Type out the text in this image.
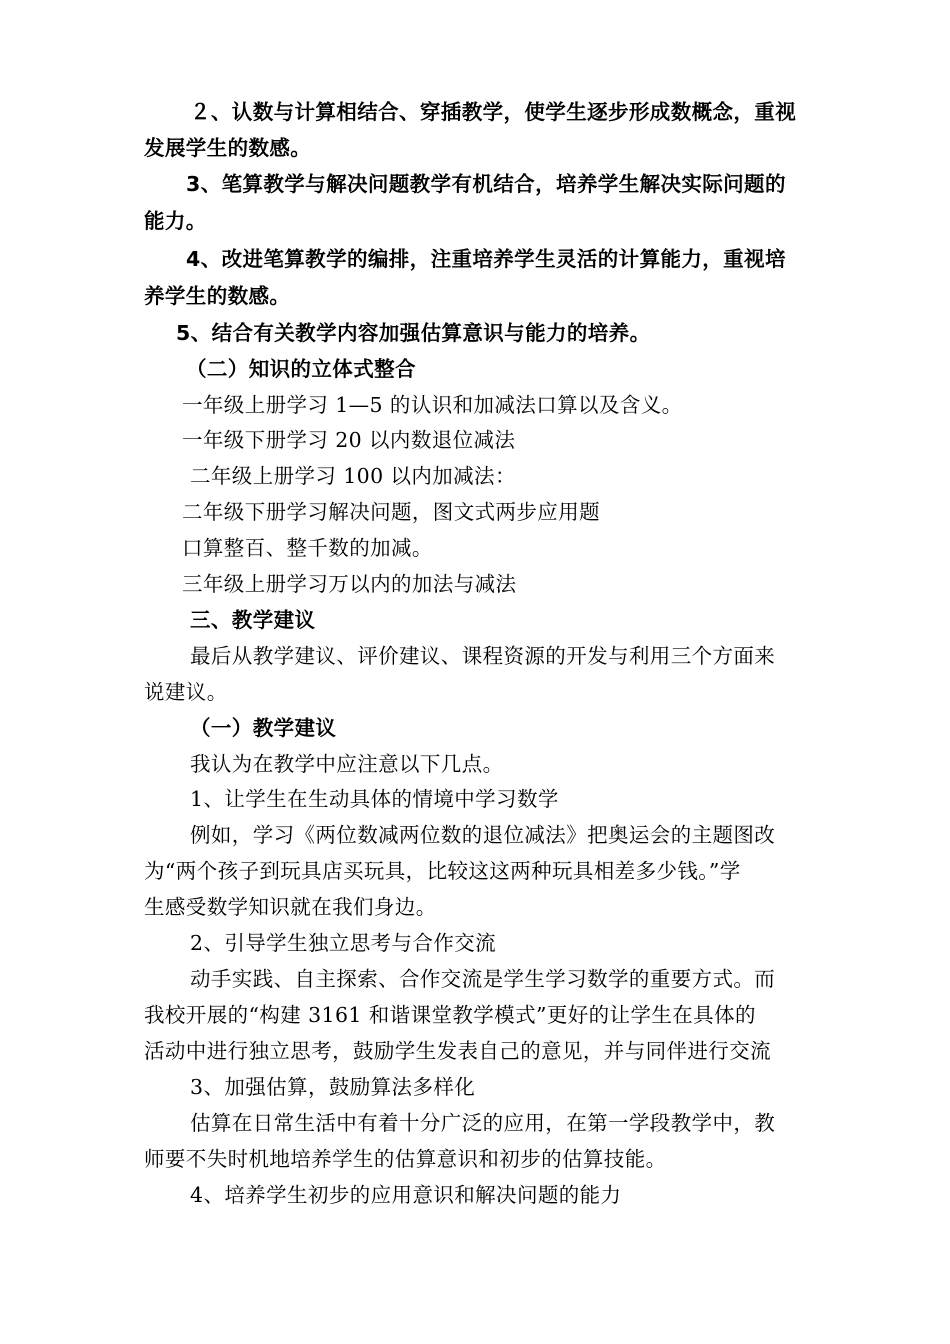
２、认数与计算相结合、穿插教学，使学生逐步形成数概念，重视
发展学生的数感。
3、笔算教学与解决问题教学有机结合，培养学生解决实际问题的
能力。
4、改进笔算教学的编排，注重培养学生灵活的计算能力，重视培
养学生的数感。
5、结合有关教学内容加强估算意识与能力的培养。
（二）知识的立体式整合
一年级上册学习 1—5 的认识和加减法口算以及含义。
一年级下册学习 20 以内数退位减法
二年级上册学习 100 以内加减法：
二年级下册学习解决问题，图文式两步应用题
口算整百、整千数的加减。
三年级上册学习万以内的加法与减法
三、教学建议
最后从教学建议、评价建议、课程资源的开发与利用三个方面来
说建议。
（一）教学建议
我认为在教学中应注意以下几点。
1、让学生在生动具体的情境中学习数学
例如，学习《两位数减两位数的退位减法》把奥运会的主题图改
为“两个孩子到玩具店买玩具，比较这这两种玩具相差多少钱。”学
生感受数学知识就在我们身边。
2、引导学生独立思考与合作交流
动手实践、自主探索、合作交流是学生学习数学的重要方式。而
我校开展的“构建 3161 和谐课堂教学模式”更好的让学生在具体的
活动中进行独立思考，鼓励学生发表自己的意见，并与同伴进行交流
3、加强估算，鼓励算法多样化
估算在日常生活中有着十分广泛的应用，在第一学段教学中，教
师要不失时机地培养学生的估算意识和初步的估算技能。
4、培养学生初步的应用意识和解决问题的能力
